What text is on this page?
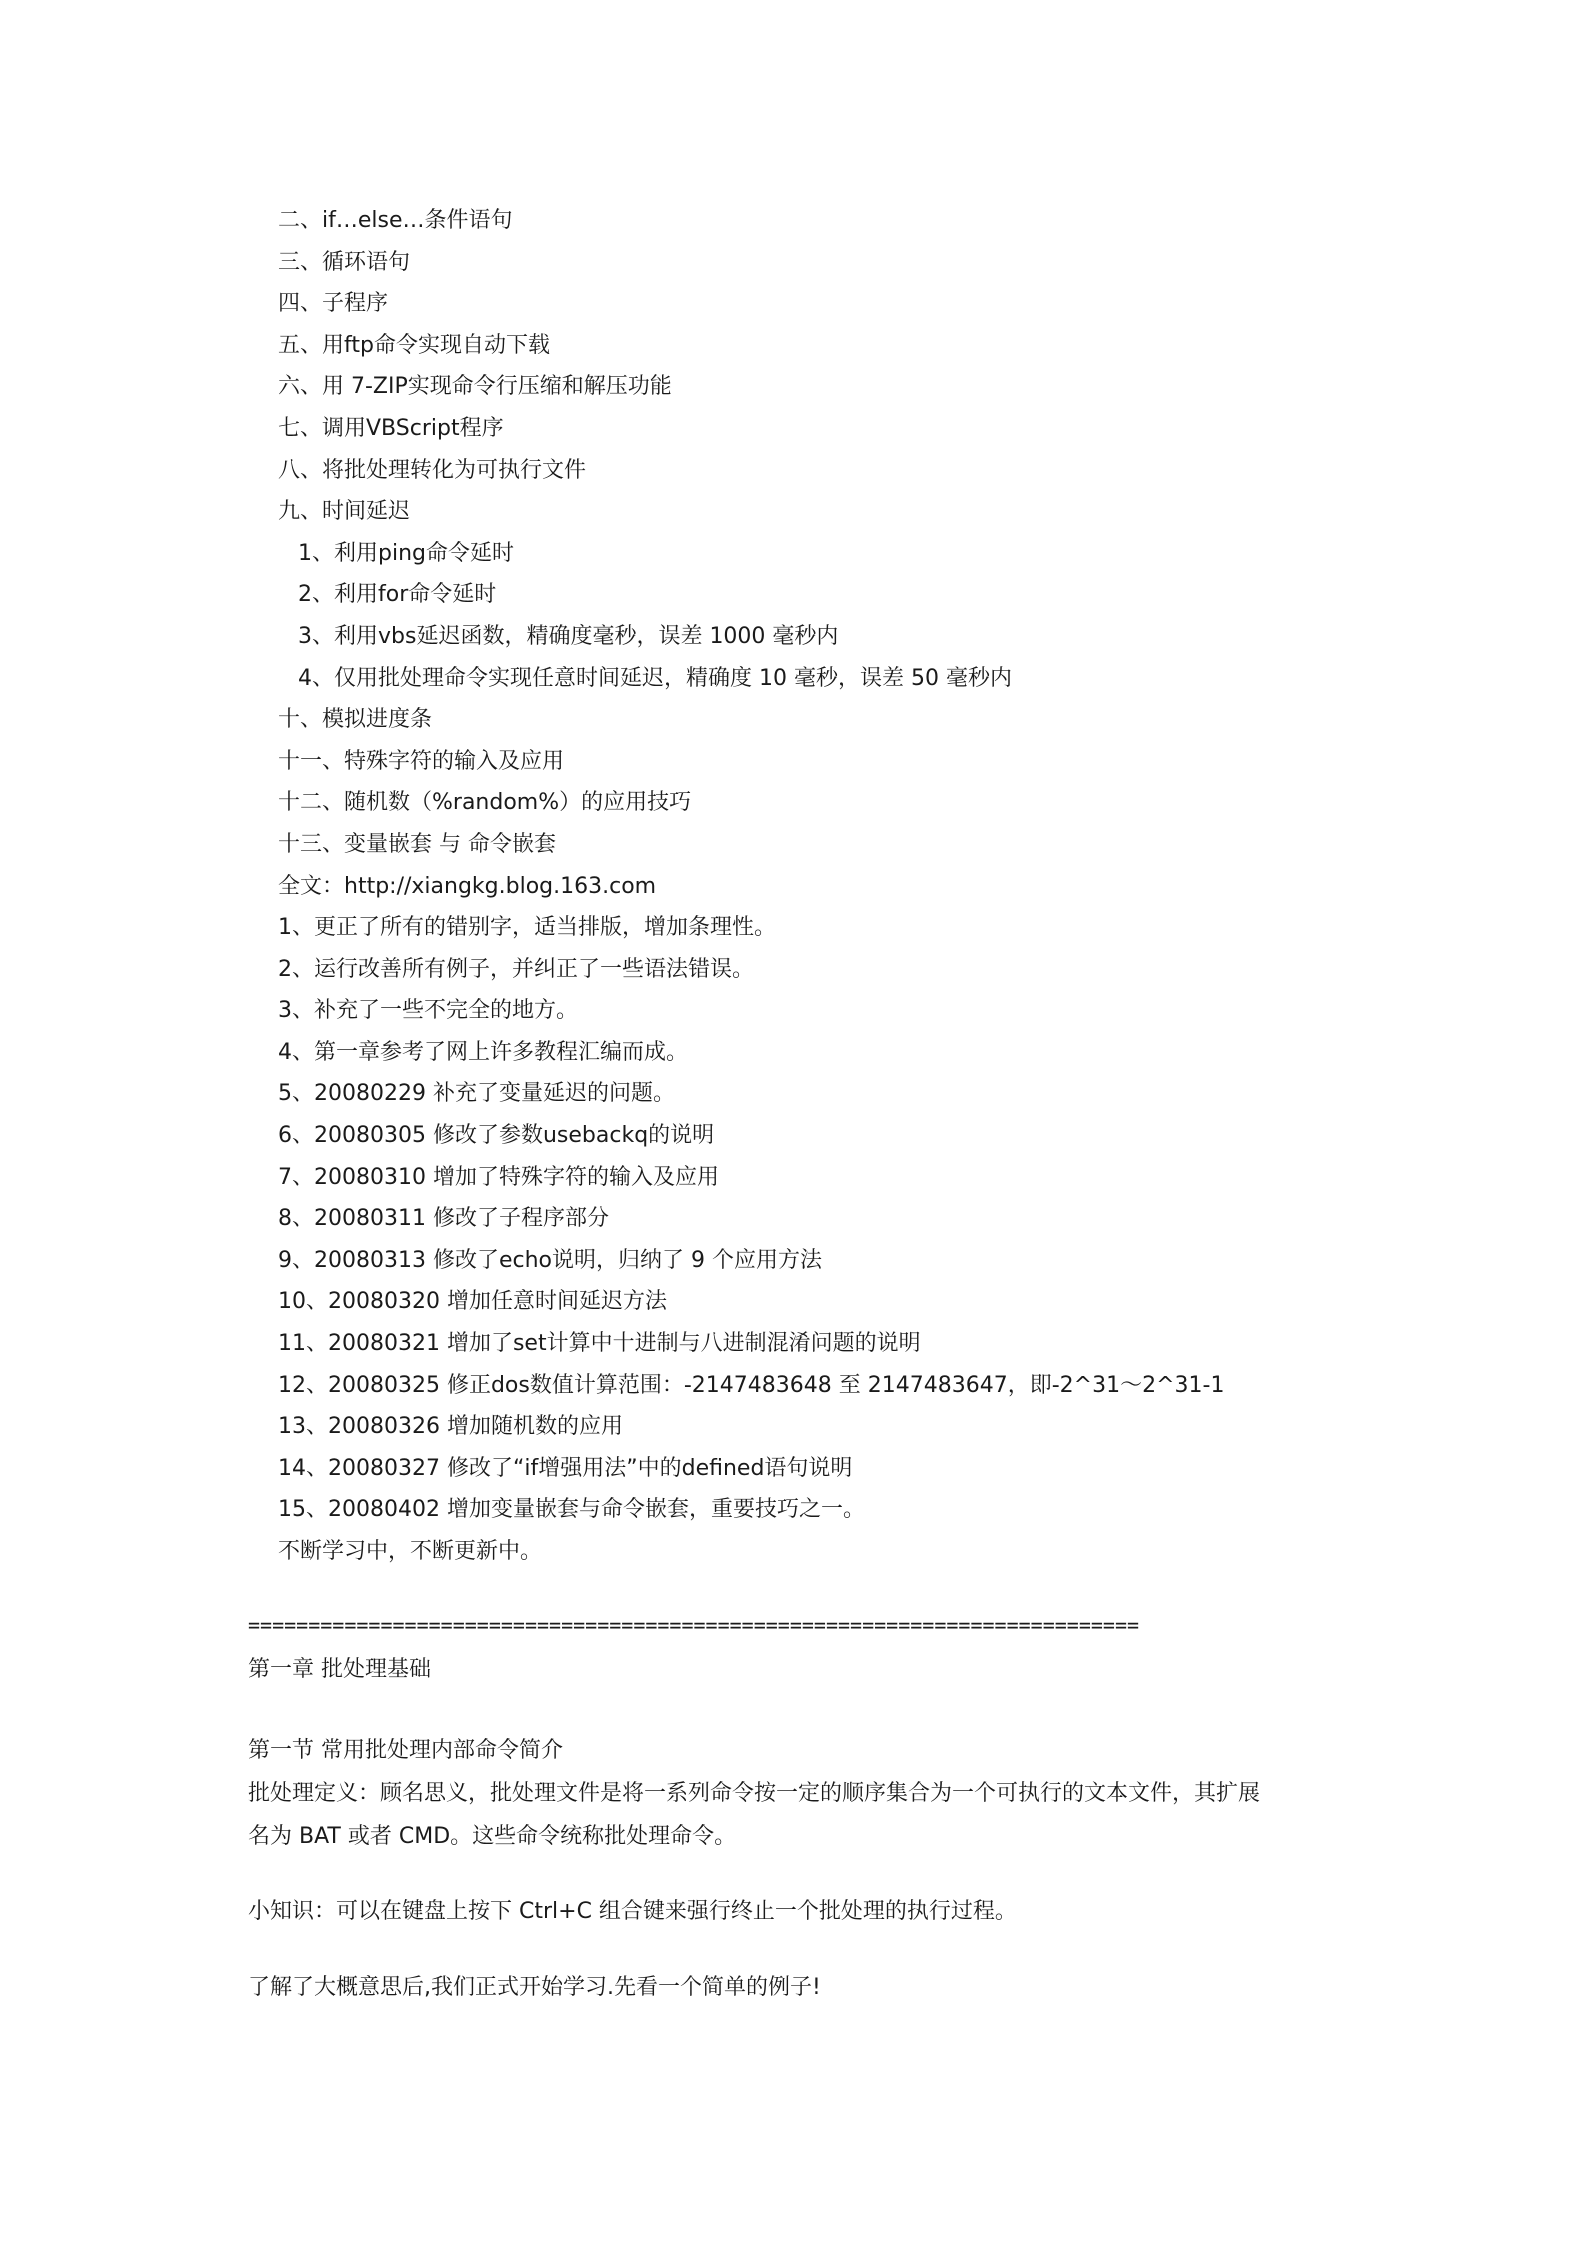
二、if…else…条件语句
三、循环语句
四、子程序
五、用ftp命令实现自动下载
六、用 7-ZIP实现命令行压缩和解压功能
七、调用VBScript程序
八、将批处理转化为可执行文件
九、时间延迟
1、利用ping命令延时
2、利用for命令延时
3、利用vbs延迟函数，精确度毫秒，误差 1000 毫秒内
4、仅用批处理命令实现任意时间延迟，精确度 10 毫秒，误差 50 毫秒内
十、模拟进度条
十一、特殊字符的输入及应用
十二、随机数（%random%）的应用技巧
十三、变量嵌套 与 命令嵌套
全文：http://xiangkg.blog.163.com
1、更正了所有的错别字，适当排版，增加条理性。
2、运行改善所有例子，并纠正了一些语法错误。
3、补充了一些不完全的地方。
4、第一章参考了网上许多教程汇编而成。
5、20080229 补充了变量延迟的问题。
6、20080305 修改了参数usebackq的说明
7、20080310 增加了特殊字符的输入及应用
8、20080311 修改了子程序部分
9、20080313 修改了echo说明，归纳了 9 个应用方法
10、20080320 增加任意时间延迟方法
11、20080321 增加了set计算中十进制与八进制混淆问题的说明
12、20080325 修正dos数值计算范围：-2147483648 至 2147483647，即-2^31～2^31-1
13、20080326 增加随机数的应用
14、20080327 修改了“if增强用法”中的defined语句说明
15、20080402 增加变量嵌套与命令嵌套，重要技巧之一。
不断学习中，不断更新中。
==========================================================================
第一章 批处理基础
第一节 常用批处理内部命令简介
批处理定义：顾名思义，批处理文件是将一系列命令按一定的顺序集合为一个可执行的文本文件，其扩展
名为 BAT 或者 CMD。这些命令统称批处理命令。
小知识：可以在键盘上按下 Ctrl+C 组合键来强行终止一个批处理的执行过程。
了解了大概意思后,我们正式开始学习.先看一个简单的例子!
